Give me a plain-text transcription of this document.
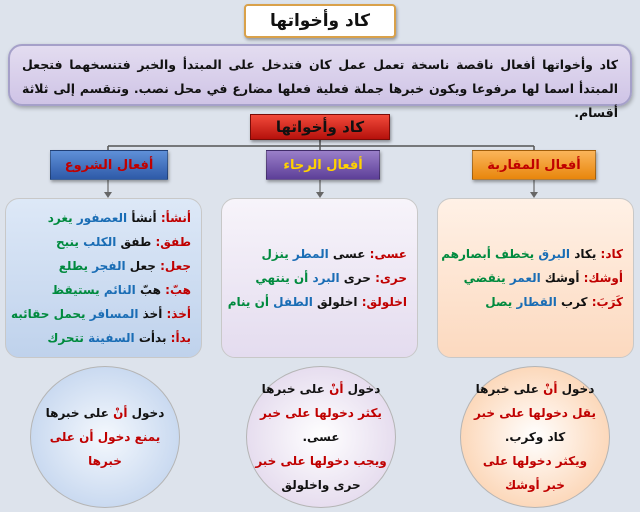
كاد وأخواتها
كاد وأخواتها أفعال ناقصة ناسخة تعمل عمل كان فتدخل على المبتدأ والخبر فتنسخهما فتجعل المبتدأ اسما لها مرفوعا ويكون خبرها جملة فعلية فعلها مضارع في محل نصب. وتنقسم إلى ثلاثة أقسام.
كاد وأخواتها
أفعال المقاربة
أفعال الرجاء
أفعال الشروع
كاد: يكاد البرق يخطف أبصارهم
أوشك: أوشك العمر ينقضي
كَرَبَ: كرب القطار يصل
عسى: عسى المطر ينزل
حرى: حرى البرد أن ينتهي
اخلولق: اخلولق الطفل أن ينام
أنشأ: أنشأ العصفور يغرد
طفق: طفق الكلب ينبح
جعل: جعل الفجر يطلع
هبّ: هبّ النائم يستيقظ
أخذ: أخذ المسافر يحمل حقائبه
بدأ: بدأت السفينة تتحرك
دخول أنْ على خبرها
يقل دخولها على خبر
كاد وكرب.
ويكثر دخولها على
خبر أوشك
دخول أنْ على خبرها
يكثر دخولها على خبر
عسى.
ويجب دخولها على خبر
حرى واخلولق
دخول أنْ على خبرها
يمنع دخول أن على
خبرها
